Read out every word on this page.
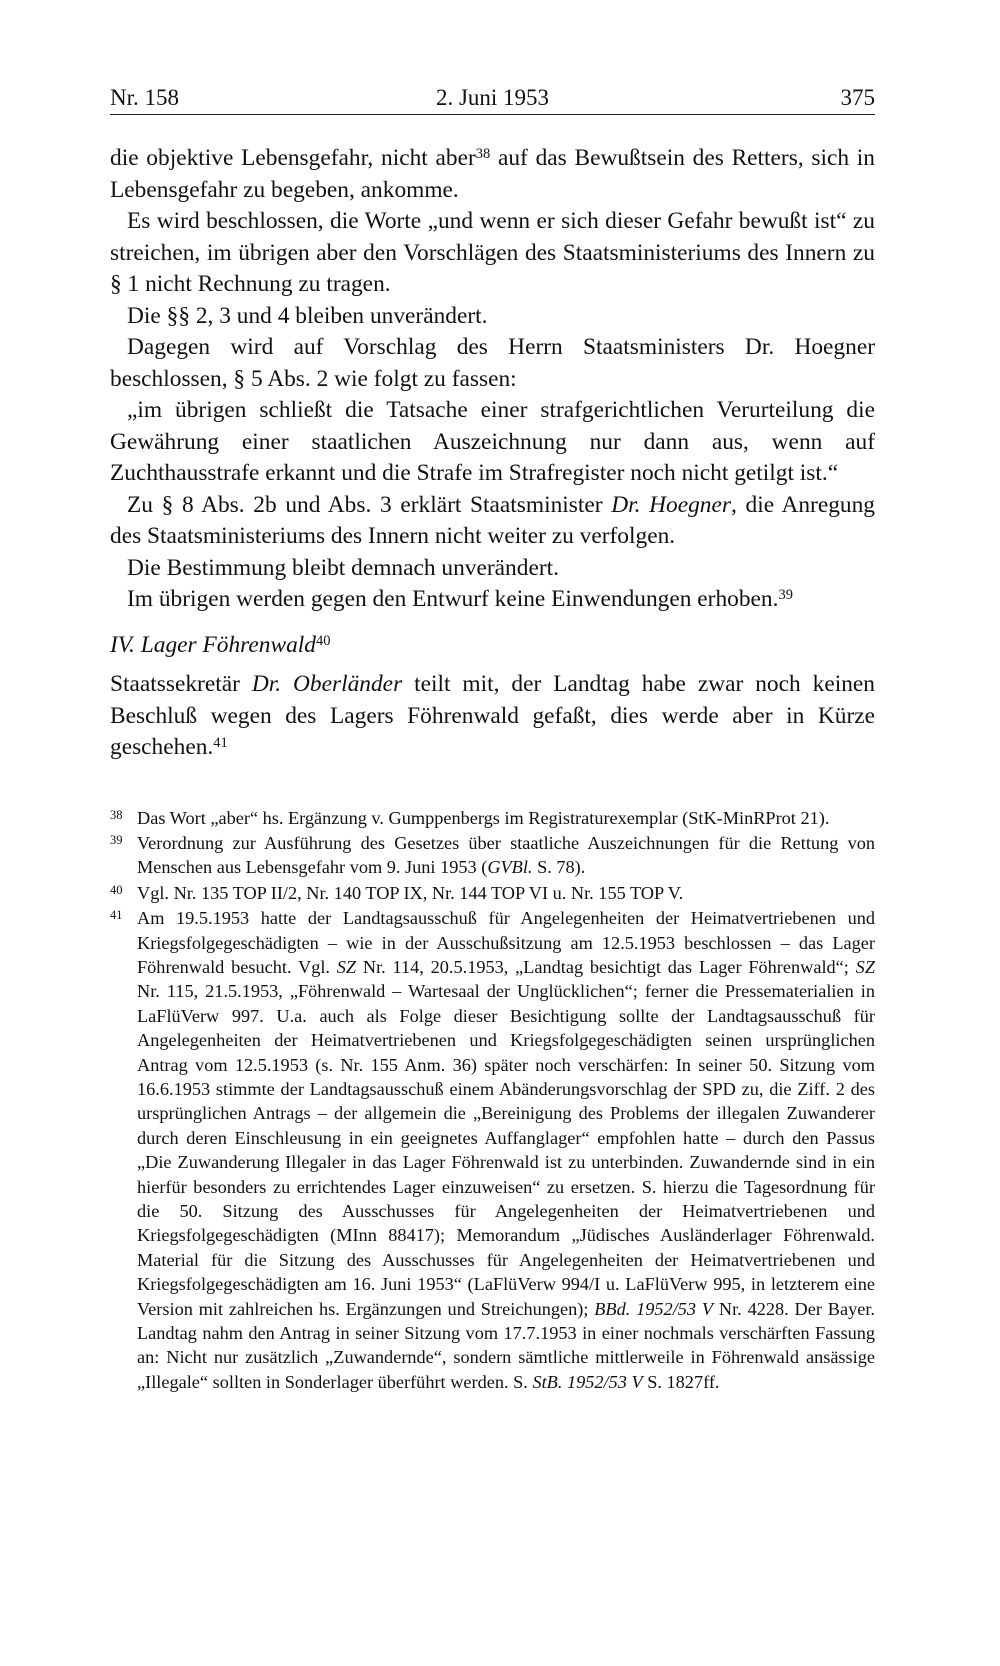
Nr. 158	2. Juni 1953	375

die objektive Lebensgefahr, nicht aber$^{38}$ auf das Bewußtsein des Retters, sich in Lebensgefahr zu begeben, ankomme.

Es wird beschlossen, die Worte „und wenn er sich dieser Gefahr bewußt ist“ zu streichen, im übrigen aber den Vorschlägen des Staatsministeriums des Innern zu § 1 nicht Rechnung zu tragen.

Die §§ 2, 3 und 4 bleiben unverändert.

Dagegen wird auf Vorschlag des Herrn Staatsministers Dr. Hoegner beschlossen, § 5 Abs. 2 wie folgt zu fassen:

„im übrigen schließt die Tatsache einer strafgerichtlichen Verurteilung die Gewährung einer staatlichen Auszeichnung nur dann aus, wenn auf Zuchthausstrafe erkannt und die Strafe im Strafregister noch nicht getilgt ist.“

Zu § 8 Abs. 2b und Abs. 3 erklärt Staatsminister Dr. Hoegner, die Anregung des Staatsministeriums des Innern nicht weiter zu verfolgen.

Die Bestimmung bleibt demnach unverändert.

Im übrigen werden gegen den Entwurf keine Einwendungen erhoben.$^{39}$

IV. Lager Föhrenwald$^{40}$

Staatssekretär Dr. Oberländer teilt mit, der Landtag habe zwar noch keinen Beschluß wegen des Lagers Föhrenwald gefaßt, dies werde aber in Kürze geschehen.$^{41}$

38 Das Wort „aber“ hs. Ergänzung v. Gumppenbergs im Registraturexemplar (StK-MinRProt 21).

39 Verordnung zur Ausführung des Gesetzes über staatliche Auszeichnungen für die Rettung von Menschen aus Lebensgefahr vom 9. Juni 1953 (GVBl. S. 78).

40 Vgl. Nr. 135 TOP II/2, Nr. 140 TOP IX, Nr. 144 TOP VI u. Nr. 155 TOP V.

41 Am 19.5.1953 hatte der Landtagsausschuß für Angelegenheiten der Heimatvertriebenen und Kriegsfolgegeschädigten – wie in der Ausschußsitzung am 12.5.1953 beschlossen – das Lager Föhrenwald besucht. Vgl. SZ Nr. 114, 20.5.1953, „Landtag besichtigt das Lager Föhrenwald“; SZ Nr. 115, 21.5.1953, „Föhrenwald – Wartesaal der Unglücklichen“; ferner die Pressematerialien in LaFlüVerw 997. U.a. auch als Folge dieser Besichtigung sollte der Landtagsausschuß für Angelegenheiten der Heimatvertriebenen und Kriegsfolgegeschädigten seinen ursprünglichen Antrag vom 12.5.1953 (s. Nr. 155 Anm. 36) später noch verschärfen: In seiner 50. Sitzung vom 16.6.1953 stimmte der Landtagsausschuß einem Abänderungsvorschlag der SPD zu, die Ziff. 2 des ursprünglichen Antrags – der allgemein die „Bereinigung des Problems der illegalen Zuwanderer durch deren Einschleusung in ein geeignetes Auffanglager“ empfohlen hatte – durch den Passus „Die Zuwanderung Illegaler in das Lager Föhrenwald ist zu unterbinden. Zuwandernde sind in ein hierfür besonders zu errichtendes Lager einzuweisen“ zu ersetzen. S. hierzu die Tagesordnung für die 50. Sitzung des Ausschusses für Angelegenheiten der Heimatvertriebenen und Kriegsfolgegeschädigten (MInn 88417); Memorandum „Jüdisches Ausländerlager Föhrenwald. Material für die Sitzung des Ausschusses für Angelegenheiten der Heimatvertriebenen und Kriegsfolgegeschädigten am 16. Juni 1953“ (LaFlüVerw 994/I u. LaFlüVerw 995, in letzterem eine Version mit zahlreichen hs. Ergänzungen und Streichungen); BBd. 1952/53 V Nr. 4228. Der Bayer. Landtag nahm den Antrag in seiner Sitzung vom 17.7.1953 in einer nochmals verschärften Fassung an: Nicht nur zusätzlich „Zuwandernde“, sondern sämtliche mittlerweile in Föhrenwald ansässige „Illegale“ sollten in Sonderlager überführt werden. S. StB. 1952/53 V S. 1827ff.
